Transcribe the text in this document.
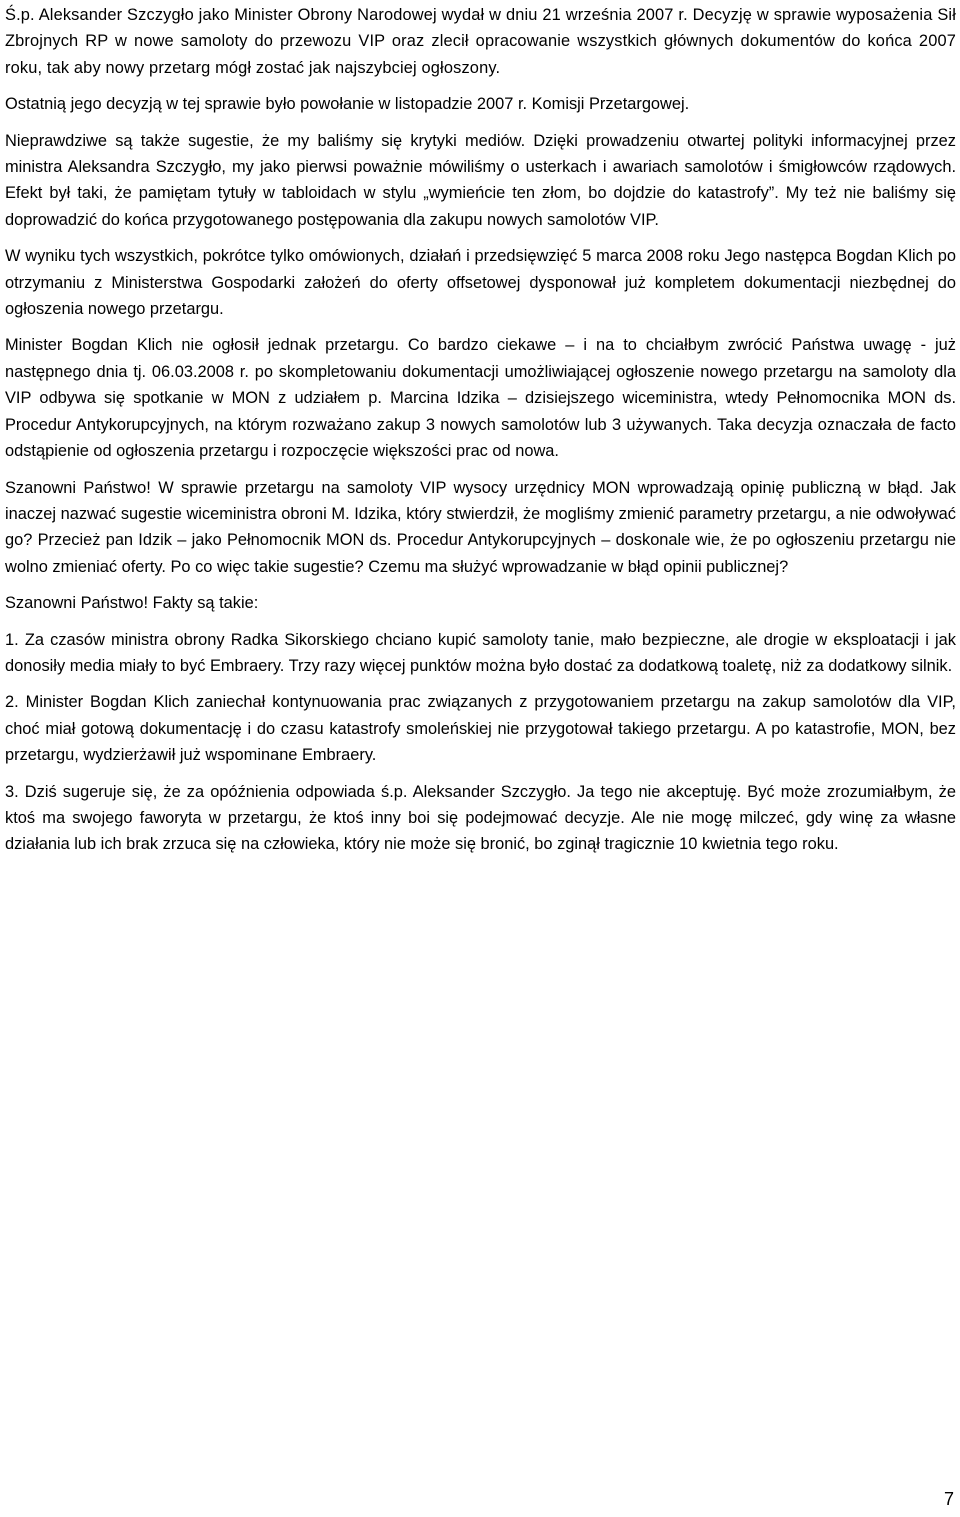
Ś.p. Aleksander Szczygło jako Minister Obrony Narodowej wydał w dniu 21 września 2007 r. Decyzję w sprawie wyposażenia Sił Zbrojnych RP w nowe samoloty do przewozu VIP oraz zlecił opracowanie wszystkich głównych dokumentów do końca 2007 roku, tak aby nowy przetarg mógł zostać jak najszybciej ogłoszony.

Ostatnią jego decyzją w tej sprawie było powołanie w listopadzie 2007 r. Komisji Przetargowej.

Nieprawdziwe są także sugestie, że my baliśmy się krytyki mediów. Dzięki prowadzeniu otwartej polityki informacyjnej przez ministra Aleksandra Szczygło, my jako pierwsi poważnie mówiliśmy o usterkach i awariach samolotów i śmigłowców rządowych. Efekt był taki, że pamiętam tytuły w tabloidach w stylu „wymieńcie ten złom, bo dojdzie do katastrofy”. My też nie baliśmy się doprowadzić do końca przygotowanego postępowania dla zakupu nowych samolotów VIP.

W wyniku tych wszystkich, pokrótce tylko omówionych, działań i przedsięwzięć 5 marca 2008 roku Jego następca Bogdan Klich po otrzymaniu z Ministerstwa Gospodarki założeń do oferty offsetowej dysponował już kompletem dokumentacji niezbędnej do ogłoszenia nowego przetargu.

Minister Bogdan Klich nie ogłosił jednak przetargu. Co bardzo ciekawe – i na to chciałbym zwrócić Państwa uwagę - już następnego dnia tj. 06.03.2008 r. po skompletowaniu dokumentacji umożliwiającej ogłoszenie nowego przetargu na samoloty dla VIP odbywa się spotkanie w MON z udziałem p. Marcina Idzika – dzisiejszego wiceministra, wtedy Pełnomocnika MON ds. Procedur Antykorupcyjnych, na którym rozważano zakup 3 nowych samolotów lub 3 używanych. Taka decyzja oznaczała de facto odstąpienie od ogłoszenia przetargu i rozpoczęcie większości prac od nowa.

Szanowni Państwo! W sprawie przetargu na samoloty VIP wysocy urzędnicy MON wprowadzają opinię publiczną w błąd. Jak inaczej nazwać sugestie wiceministra obroni M. Idzika, który stwierdził, że mogliśmy zmienić parametry przetargu, a nie odwoływać go? Przecież pan Idzik – jako Pełnomocnik MON ds. Procedur Antykorupcyjnych – doskonale wie, że po ogłoszeniu przetargu nie wolno zmieniać oferty. Po co więc takie sugestie? Czemu ma służyć wprowadzanie w błąd opinii publicznej?

Szanowni Państwo! Fakty są takie:

1. Za czasów ministra obrony Radka Sikorskiego chciano kupić samoloty tanie, mało bezpieczne, ale drogie w eksploatacji i jak donosiły media miały to być Embraery. Trzy razy więcej punktów można było dostać za dodatkową toaletę, niż za dodatkowy silnik.

2. Minister Bogdan Klich zaniechał kontynuowania prac związanych z przygotowaniem przetargu na zakup samolotów dla VIP, choć miał gotową dokumentację i do czasu katastrofy smoleńskiej nie przygotował takiego przetargu. A po katastrofie, MON, bez przetargu, wydzierżawił już wspominane Embraery.

3. Dziś sugeruje się, że za opóźnienia odpowiada ś.p. Aleksander Szczygło. Ja tego nie akceptuję. Być może zrozumiałbym, że ktoś ma swojego faworyta w przetargu, że ktoś inny boi się podejmować decyzje. Ale nie mogę milczeć, gdy winę za własne działania lub ich brak zrzuca się na człowieka, który nie może się bronić, bo zginął tragicznie 10 kwietnia tego roku.

7
